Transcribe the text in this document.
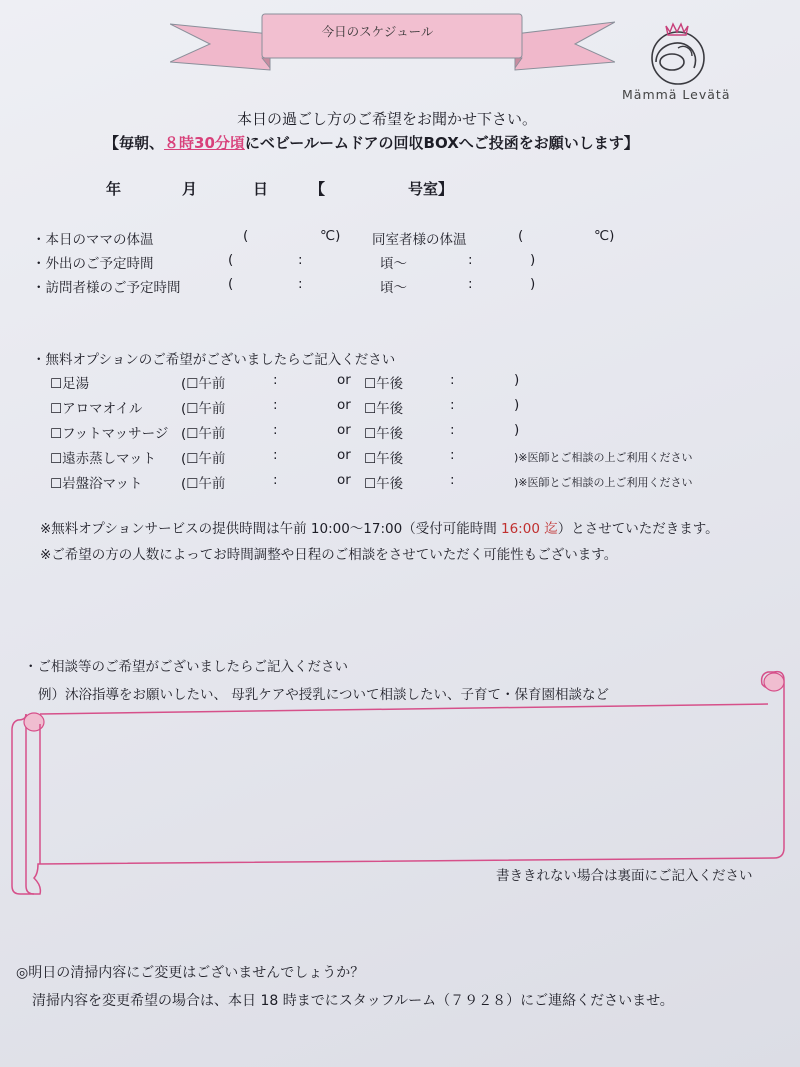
今日のスケジュール
Mämmä Levätä
本日の過ごし方のご希望をお聞かせ下さい。
【毎朝、８時30分頃にベビールームドアの回収BOXへご投函をお願いします】
年	月	日	【	号室】
・本日のママの体温	(	℃) 同室者様の体温	(	℃)
・外出のご予定時間	(	:	頃～	:	)
・訪問者様のご予定時間	(	:	頃～	:	)
・無料オプションのご希望がございましたらご記入ください
☐足湯	(☐午前	:	or ☐午後	:	)
☐アロマオイル	(☐午前	:	or ☐午後	:	)
☐フットマッサージ (☐午前	:	or ☐午後	:	)
☐遠赤蒸しマット (☐午前	:	or ☐午後	:	)※医師とご相談の上ご利用ください
☐岩盤浴マット	(☐午前	:	or ☐午後	:	)※医師とご相談の上ご利用ください
※無料オプションサービスの提供時間は午前 10:00～17:00（受付可能時間 16:00 迄）とさせていただきます。
※ご希望の方の人数によってお時間調整や日程のご相談をさせていただく可能性もございます。
・ご相談等のご希望がございましたらご記入ください
例）沐浴指導をお願いしたい、 母乳ケアや授乳について相談したい、子育て・保育園相談など
書ききれない場合は裏面にご記入ください
◎明日の清掃内容にご変更はございませんでしょうか？
清掃内容を変更希望の場合は、本日 18 時までにスタッフルーム（７９２８）にご連絡くださいませ。
